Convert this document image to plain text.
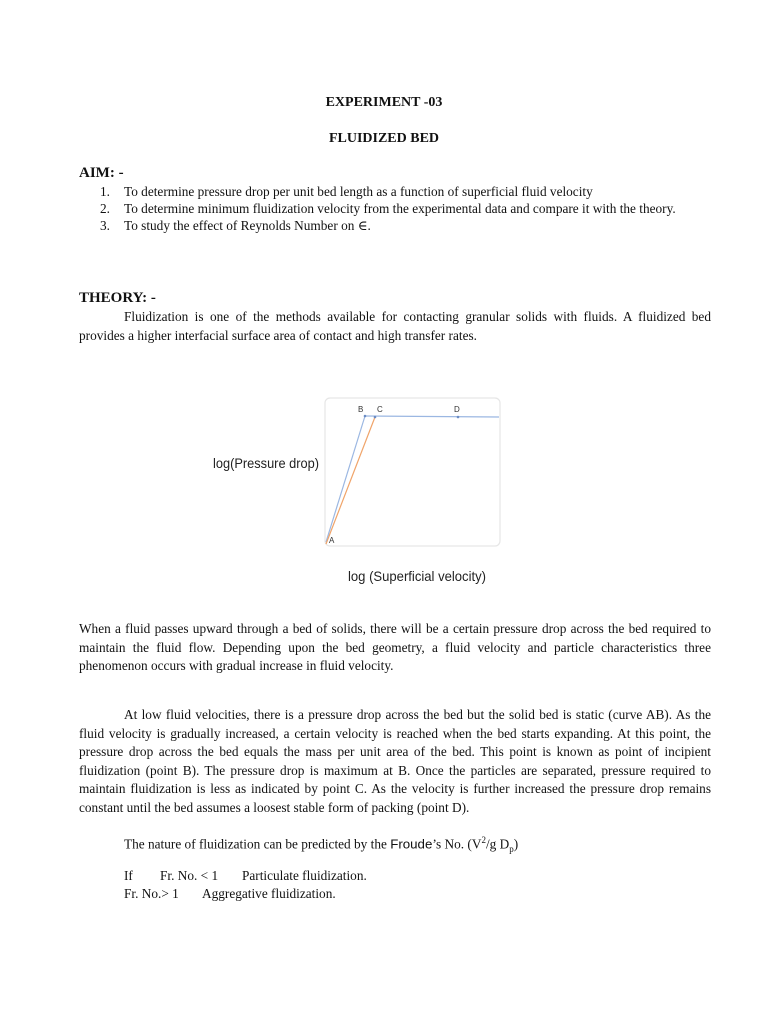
EXPERIMENT -03
FLUIDIZED BED
AIM: -
1. To determine pressure drop per unit bed length as a function of superficial fluid velocity
2. To determine minimum fluidization velocity from the experimental data and compare it with the theory.
3. To study the effect of Reynolds Number on ∈.
THEORY: -

Fluidization is one of the methods available for contacting granular solids with fluids. A fluidized bed provides a higher interfacial surface area of contact and high transfer rates.

A
B C	D
log(Pressure drop)
log (Superficial velocity)

When a fluid passes upward through a bed of solids, there will be a certain pressure drop across the bed required to maintain the fluid flow. Depending upon the bed geometry, a fluid velocity and particle characteristics three phenomenon occurs with gradual increase in fluid velocity.

At low fluid velocities, there is a pressure drop across the bed but the solid bed is static (curve AB). As the fluid velocity is gradually increased, a certain velocity is reached when the bed starts expanding. At this point, the pressure drop across the bed equals the mass per unit area of the bed. This point is known as point of incipient fluidization (point B). The pressure drop is maximum at B. Once the particles are separated, pressure required to maintain fluidization is less as indicated by point C. As the velocity is further increased the pressure drop remains constant until the bed assumes a loosest stable form of packing (point D).

The nature of fluidization can be predicted by the Froude’s No. ($V^2/g$ $D_p$)
If Fr. No. < 1 Particulate fluidization.
Fr. No.> 1 Aggregative fluidization.
